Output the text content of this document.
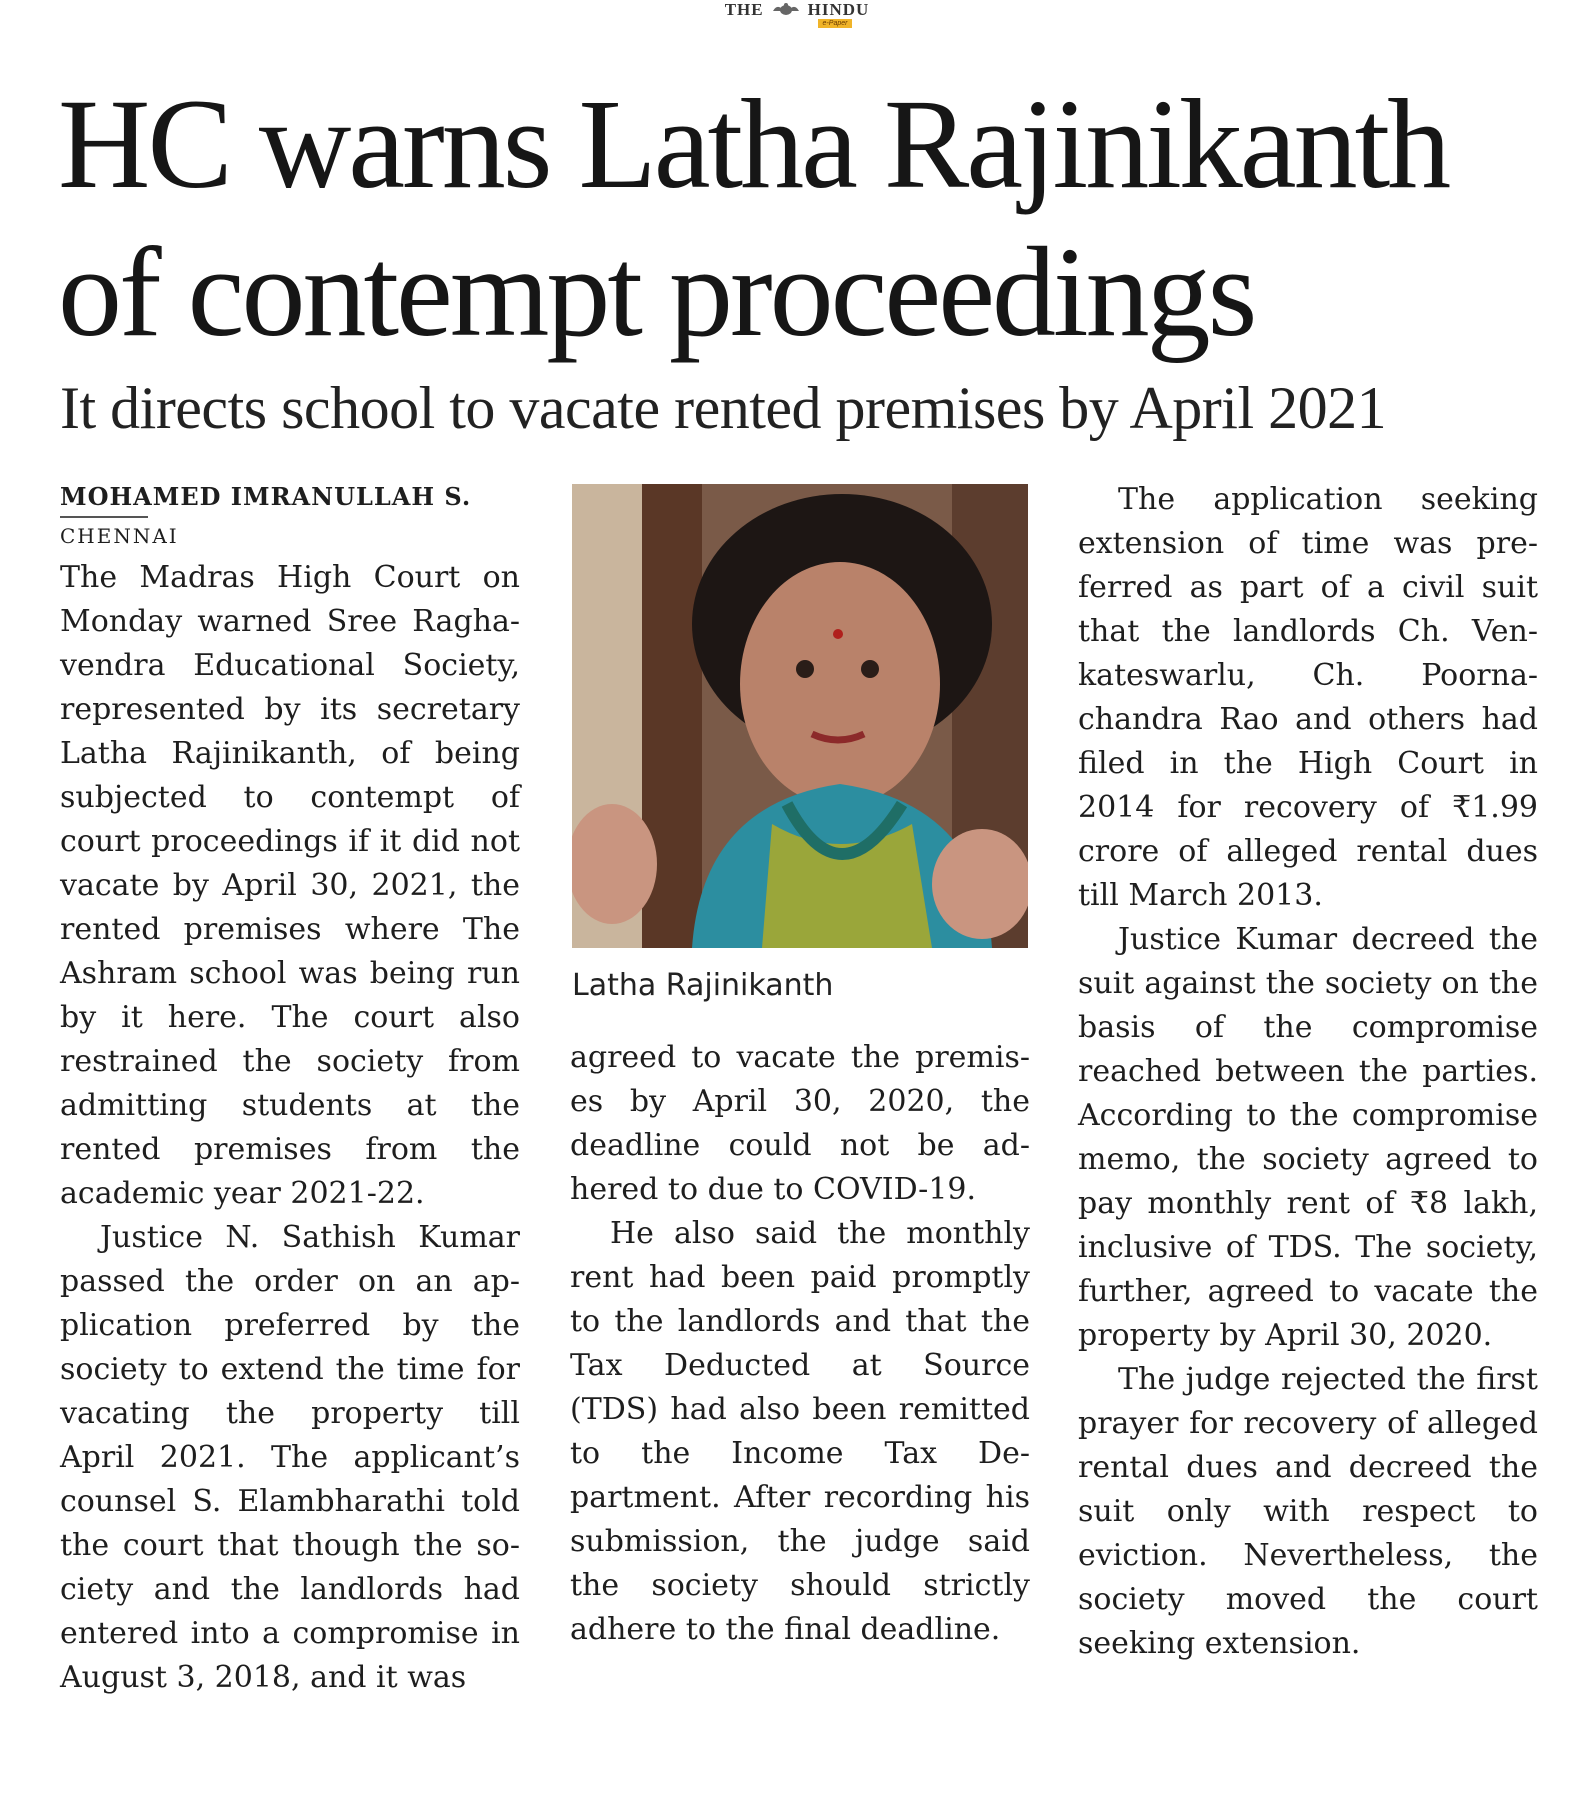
THE	HINDU
e-Paper
HC warns Latha Rajinikanth
of contempt proceedings
It directs school to vacate rented premises by April 2021
MOHAMED IMRANULLAH S.
CHENNAI

The Madras High Court on Monday warned Sree Raghavendra Educational Society, represented by its secretary Latha Rajinikanth, of being subjected to contempt of court proceedings if it did not vacate by April 30, 2021, the rented premises where The Ashram school was being run by it here. The court also restrained the society from admitting students at the rented premises from the academic year 2021-22.

Justice N. Sathish Kumar passed the order on an application preferred by the society to extend the time for vacating the property till April 2021. The applicant’s counsel S. Elambharathi told the court that though the society and the landlords had entered into a compromise in August 3, 2018, and it was

Latha Rajinikanth

agreed to vacate the premises by April 30, 2020, the deadline could not be adhered to due to COVID-19.

He also said the monthly rent had been paid promptly to the landlords and that the Tax Deducted at Source (TDS) had also been remitted to the Income Tax Department. After recording his submission, the judge said the society should strictly adhere to the final deadline.

The application seeking extension of time was preferred as part of a civil suit that the landlords Ch. Venkateswarlu, Ch. Poornachandra Rao and others had filed in the High Court in 2014 for recovery of ₹1.99 crore of alleged rental dues till March 2013.

Justice Kumar decreed the suit against the society on the basis of the compromise reached between the parties. According to the compromise memo, the society agreed to pay monthly rent of ₹8 lakh, inclusive of TDS. The society, further, agreed to vacate the property by April 30, 2020.

The judge rejected the first prayer for recovery of alleged rental dues and decreed the suit only with respect to eviction. Nevertheless, the society moved the court seeking extension.
